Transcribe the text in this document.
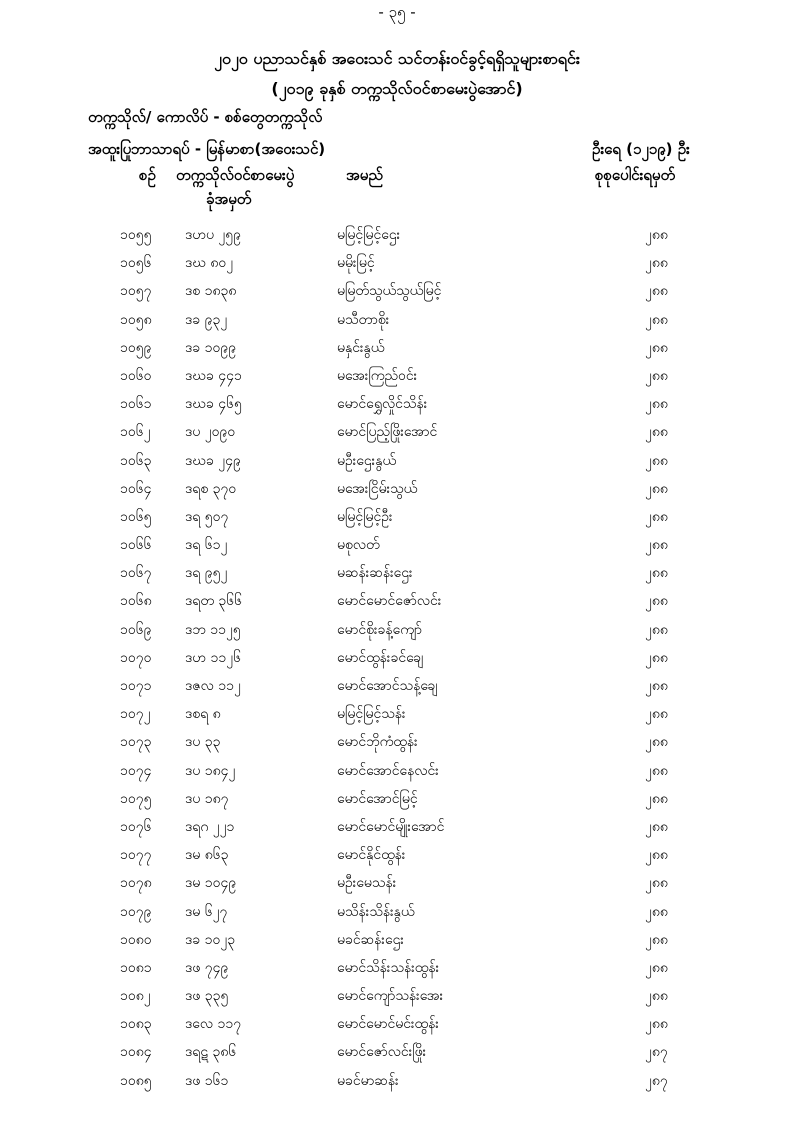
- ၃၅ -
၂၀၂၀ ပညာသင်နှစ် အဝေးသင် သင်တန်းဝင်ခွင့်ရရှိသူများစာရင်း
(၂၀၁၉ ခုနှစ် တက္ကသိုလ်ဝင်စာမေးပွဲအောင်)
တက္ကသိုလ်/ ကောလိပ် - စစ်တွေတက္ကသိုလ်
အထူးပြုဘာသာရပ် - မြန်မာစာ(အဝေးသင်)	ဦးရေ (၁၂၁၉) ဦး
စဉ် တက္ကသိုလ်ဝင်စာမေးပွဲ
ခုံအမှတ်
အမည်	စုစုပေါင်းရမှတ်
၁၀၅၅ ဒဟပ ၂၅၉	မမြင့်မြင့်ဌေး	၂၈၈
၁၀၅၆ ဒဃ ၈၀၂	မမိုးမြင့်	၂၈၈
၁၀၅၇ ဒစ ၁၈၃၈	မမြတ်သွယ်သွယ်မြင့်	၂၈၈
၁၀၅၈ ဒခ ၉၃၂	မသီတာစိုး	၂၈၈
၁၀၅၉ ဒခ ၁၀၉၉	မနှင်းနွယ်	၂၈၈
၁၀၆၀ ဒဃခ ၄၄၁	မအေးကြည်ဝင်း	၂၈၈
၁၀၆၁ ဒဃခ ၄၆၅	မောင်ရွှေလှိုင်သိန်း	၂၈၈
၁၀၆၂ ဒပ ၂၀၉၀	မောင်ပြည့်ဖြိုးအောင်	၂၈၈
၁၀၆၃ ဒဃခ ၂၄၉	မဦးဌေးနွယ်	၂၈၈
၁၀၆၄ ဒရစ ၃၇၀	မအေးငြိမ်းသွယ်	၂၈၈
၁၀၆၅ ဒရ ၅၀၇	မမြင့်မြင့်ဦး	၂၈၈
၁၀၆၆ ဒရ ၆၁၂	မစုလတ်	၂၈၈
၁၀၆၇ ဒရ ၉၅၂	မဆန်းဆန်းဌေး	၂၈၈
၁၀၆၈ ဒရတ ၃၆၆	မောင်မောင်ဇော်လင်း	၂၈၈
၁၀၆၉ ဒဘ ၁၁၂၅	မောင်စိုးခန့်ကျော်	၂၈၈
၁၀၇၀ ဒဟ ၁၁၂၆	မောင်ထွန်းခင်ချေ	၂၈၈
၁၀၇၁ ဒဇလ ၁၁၂	မောင်အောင်သန့်ချေ	၂၈၈
၁၀၇၂ ဒစရ ၈	မမြင့်မြင့်သန်း	၂၈၈
၁၀၇၃ ဒပ ၃၃	မောင်ဘိုကံထွန်း	၂၈၈
၁၀၇၄ ဒပ ၁၈၄၂	မောင်အောင်နေလင်း	၂၈၈
၁၀၇၅ ဒပ ၁၈၇	မောင်အောင်မြင့်	၂၈၈
၁၀၇၆ ဒရဂ ၂၂၁	မောင်မောင်မျိုးအောင်	၂၈၈
၁၀၇၇ ဒမ ၈၆၃	မောင်နိုင်ထွန်း	၂၈၈
၁၀၇၈ ဒမ ၁၀၄၉	မဦးမေသန်း	၂၈၈
၁၀၇၉ ဒမ ၆၂၇	မသိန်းသိန်းနွယ်	၂၈၈
၁၀၈၀ ဒခ ၁၀၂၃	မခင်ဆန်းဌေး	၂၈၈
၁၀၈၁ ဒဖ ၇၄၉	မောင်သိန်းသန်းထွန်း	၂၈၈
၁၀၈၂ ဒဖ ၃၃၅	မောင်ကျော်သန်းအေး	၂၈၈
၁၀၈၃ ဒလေ ၁၁၇	မောင်မောင်မင်းထွန်း	၂၈၈
၁၀၈၄ ဒရဋ ၃၈၆	မောင်ဇော်လင်းဖြိုး	၂၈၇
၁၀၈၅ ဒဖ ၁၆၁	မခင်မာဆန်း	၂၈၇
